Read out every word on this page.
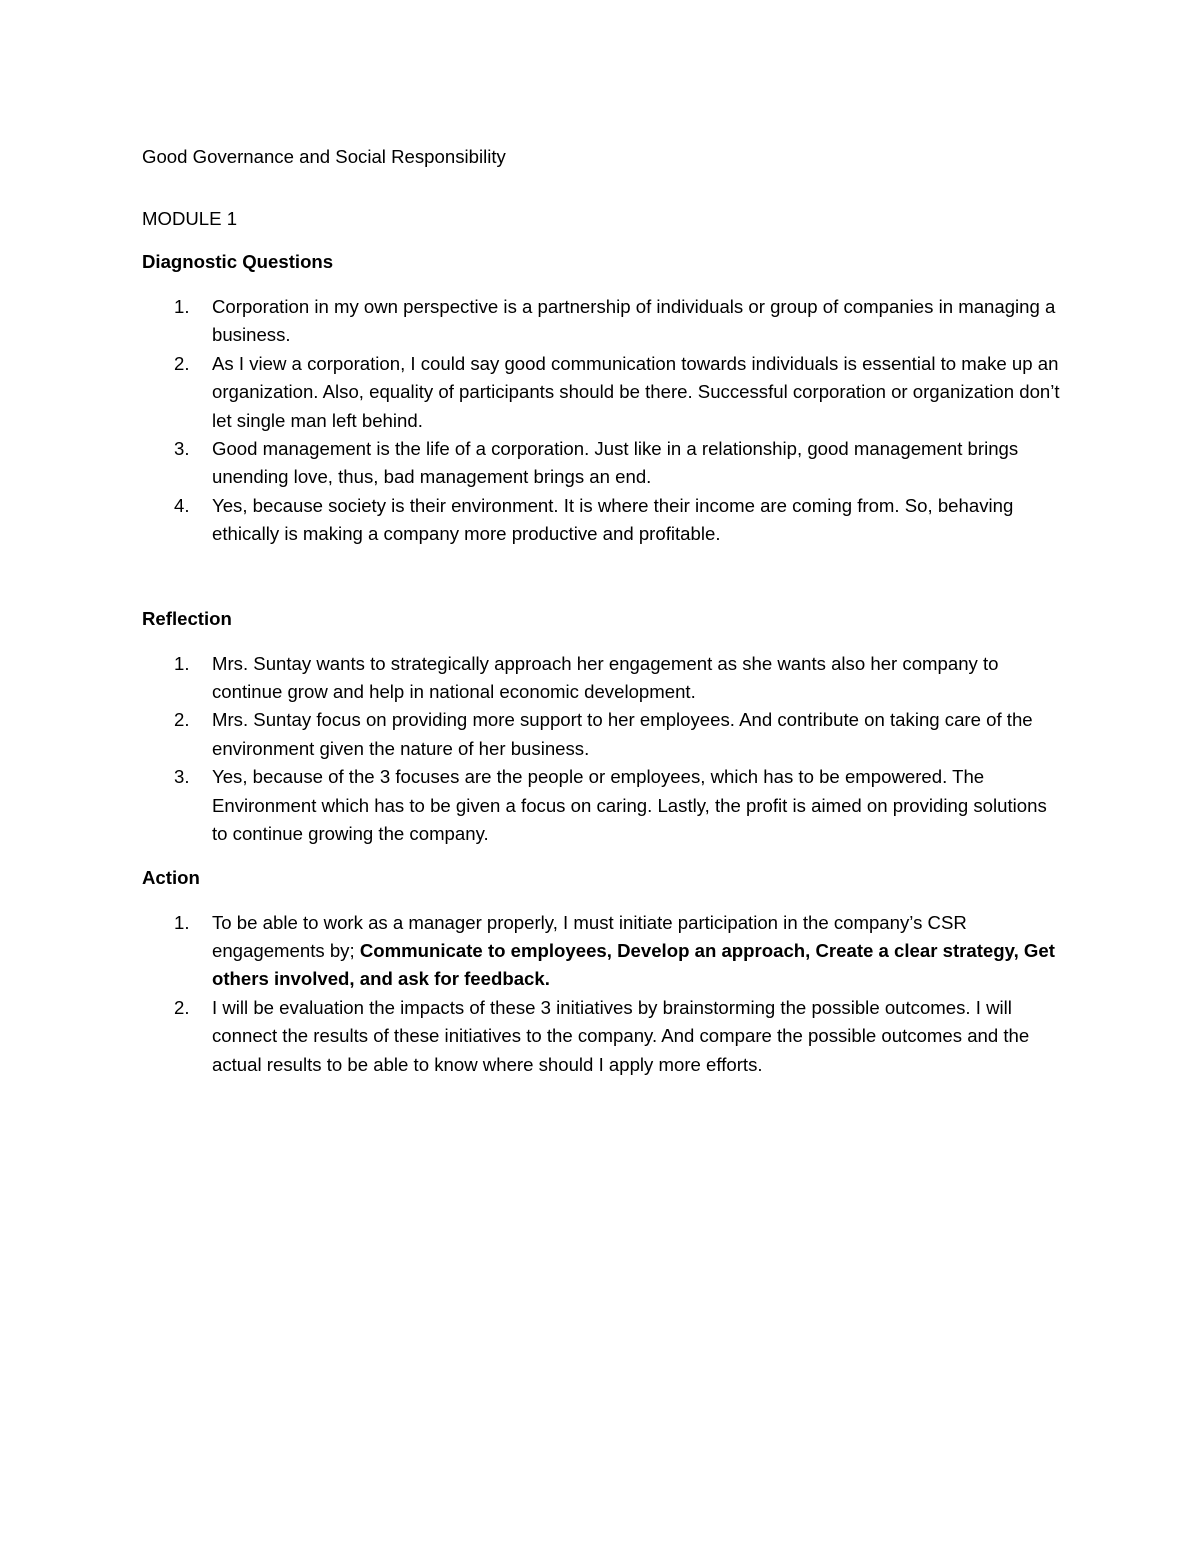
Good Governance and Social Responsibility

MODULE 1

Diagnostic Questions

1. Corporation in my own perspective is a partnership of individuals or group of companies in managing a business.
2. As I view a corporation, I could say good communication towards individuals is essential to make up an organization. Also, equality of participants should be there. Successful corporation or organization don’t let single man left behind.
3. Good management is the life of a corporation. Just like in a relationship, good management brings unending love, thus, bad management brings an end.
4. Yes, because society is their environment. It is where their income are coming from. So, behaving ethically is making a company more productive and profitable.

Reflection

1. Mrs. Suntay wants to strategically approach her engagement as she wants also her company to continue grow and help in national economic development.
2. Mrs. Suntay focus on providing more support to her employees. And contribute on taking care of the environment given the nature of her business.
3. Yes, because of the 3 focuses are the people or employees, which has to be empowered. The Environment which has to be given a focus on caring. Lastly, the profit is aimed on providing solutions to continue growing the company.

Action

1. To be able to work as a manager properly, I must initiate participation in the company’s CSR engagements by; Communicate to employees, Develop an approach, Create a clear strategy, Get others involved, and ask for feedback.
2. I will be evaluation the impacts of these 3 initiatives by brainstorming the possible outcomes. I will connect the results of these initiatives to the company. And compare the possible outcomes and the actual results to be able to know where should I apply more efforts.
